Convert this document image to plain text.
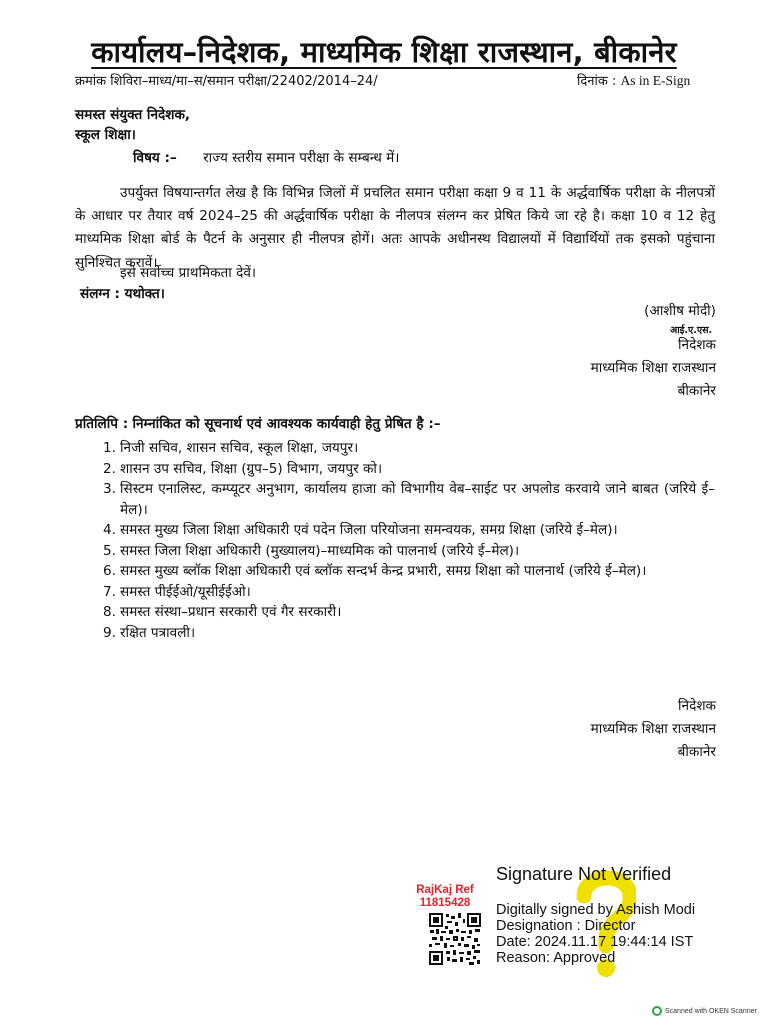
कार्यालय–निदेशक, माध्यमिक शिक्षा राजस्थान, बीकानेर
क्रमांक शिविरा–माध्य/मा–स/समान परीक्षा/22402/2014–24/	दिनांक : As in E-Sign
समस्त संयुक्त निदेशक,
स्कूल शिक्षा।
विषय :– राज्य स्तरीय समान परीक्षा के सम्बन्ध में।
उपर्युक्त विषयान्तर्गत लेख है कि विभिन्न जिलों में प्रचलित समान परीक्षा कक्षा 9 व 11 के अर्द्धवार्षिक परीक्षा के नीलपत्रों के आधार पर तैयार वर्ष 2024–25 की अर्द्धवार्षिक परीक्षा के नीलपत्र संलग्न कर प्रेषित किये जा रहे है। कक्षा 10 व 12 हेतु माध्यमिक शिक्षा बोर्ड के पैटर्न के अनुसार ही नीलपत्र होगें। अतः आपके अधीनस्थ विद्यालयों में विद्यार्थियों तक इसको पहुंचाना सुनिश्चित करावें।
इसे सर्वोच्च प्राथमिकता देवें।
संलग्न : यथोक्त।
(आशीष मोदी)
आई.ए.एस.
निदेशक
माध्यमिक शिक्षा राजस्थान
बीकानेर
प्रतिलिपि : निम्नांकित को सूचनार्थ एवं आवश्यक कार्यवाही हेतु प्रेषित है :–
1. निजी सचिव, शासन सचिव, स्कूल शिक्षा, जयपुर।
2. शासन उप सचिव, शिक्षा (ग्रुप–5) विभाग, जयपुर को।
3. सिस्टम एनालिस्ट, कम्प्यूटर अनुभाग, कार्यालय हाजा को विभागीय वेब–साईट पर अपलोड करवाये जाने बाबत (जरिये ई–मेल)।
4. समस्त मुख्य जिला शिक्षा अधिकारी एवं पदेन जिला परियोजना समन्वयक, समग्र शिक्षा (जरिये ई–मेल)।
5. समस्त जिला शिक्षा अधिकारी (मुख्यालय)–माध्यमिक को पालनार्थ (जरिये ई–मेल)।
6. समस्त मुख्य ब्लॉक शिक्षा अधिकारी एवं ब्लॉक सन्दर्भ केन्द्र प्रभारी, समग्र शिक्षा को पालनार्थ (जरिये ई–मेल)।
7. समस्त पीईईओ/यूसीईईओ।
8. समस्त संस्था–प्रधान सरकारी एवं गैर सरकारी।
9. रक्षित पत्रावली।
निदेशक
माध्यमिक शिक्षा राजस्थान
बीकानेर
RajKaj Ref
11815428
Signature Not Verified
Digitally signed by Ashish Modi
Designation : Director
Date: 2024.11.17 19:44:14 IST
Reason: Approved
Scanned with OKEN Scanner
